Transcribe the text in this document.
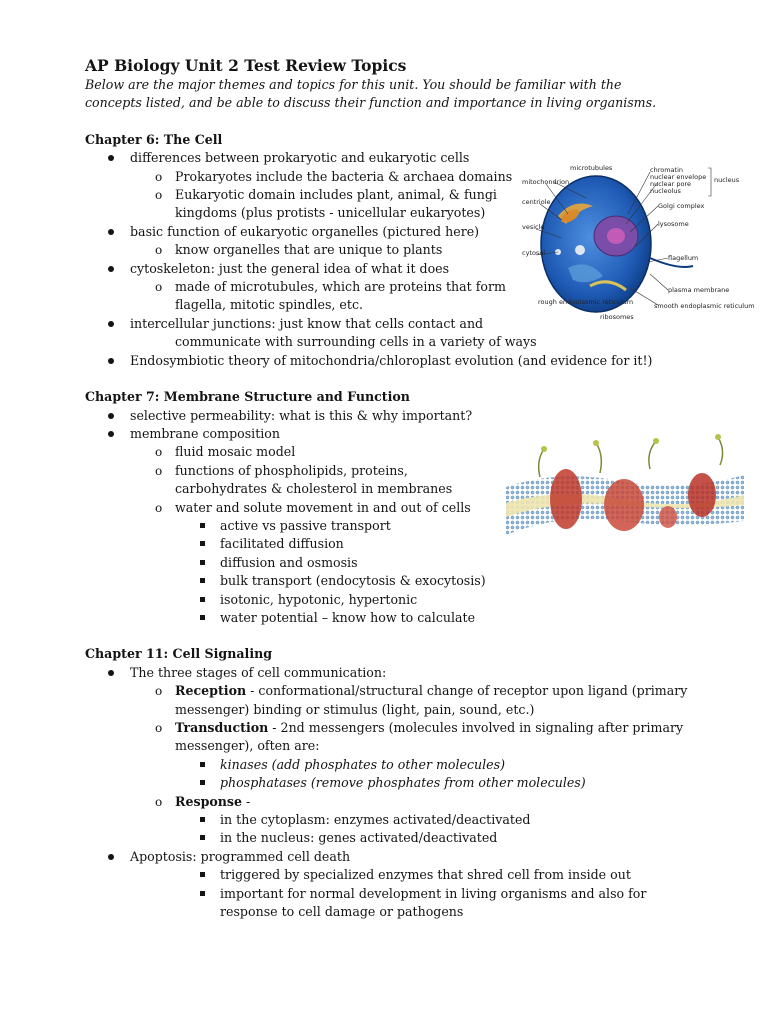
AP Biology Unit 2 Test Review Topics
Below are the major themes and topics for this unit. You should be familiar with the concepts listed, and be able to discuss their function and importance in living organisms.
Chapter 6: The Cell
differences between prokaryotic and eukaryotic cells
o Prokaryotes include the bacteria & archaea domains
o Eukaryotic domain includes plant, animal, & fungi
kingdoms (plus protists - unicellular eukaryotes)
basic function of eukaryotic organelles (pictured here)
o know organelles that are unique to plants
cytoskeleton: just the general idea of what it does
o made of microtubules, which are proteins that form
flagella, mitotic spindles, etc.
intercellular junctions: just know that cells contact and
communicate with surrounding cells in a variety of ways
Endosymbiotic theory of mitochondria/chloroplast evolution (and evidence for it!)
Chapter 7: Membrane Structure and Function
selective permeability: what is this & why important?
membrane composition
o fluid mosaic model
o functions of phospholipids, proteins,
carbohydrates & cholesterol in membranes
o water and solute movement in and out of cells
active vs passive transport
facilitated diffusion
diffusion and osmosis
bulk transport (endocytosis & exocytosis)
isotonic, hypotonic, hypertonic
water potential – know how to calculate
Chapter 11: Cell Signaling
The three stages of cell communication:
o Reception - conformational/structural change of receptor upon ligand (primary
messenger) binding or stimulus (light, pain, sound, etc.)
o Transduction - 2nd messengers (molecules involved in signaling after primary
messenger), often are:
kinases (add phosphates to other molecules)
phosphatases (remove phosphates from other molecules)
o Response -
in the cytoplasm: enzymes activated/deactivated
in the nucleus: genes activated/deactivated
Apoptosis: programmed cell death
triggered by specialized enzymes that shred cell from inside out
important for normal development in living organisms and also for
response to cell damage or pathogens
microtubules
mitochondrion
centriole
vesicle
cytosol
rough endoplasmic reticulum
ribosomes
chromatin
nuclear envelope
nuclear pore
nucleolus
nucleus
Golgi complex
lysosome
flagellum
plasma membrane
smooth endoplasmic reticulum
